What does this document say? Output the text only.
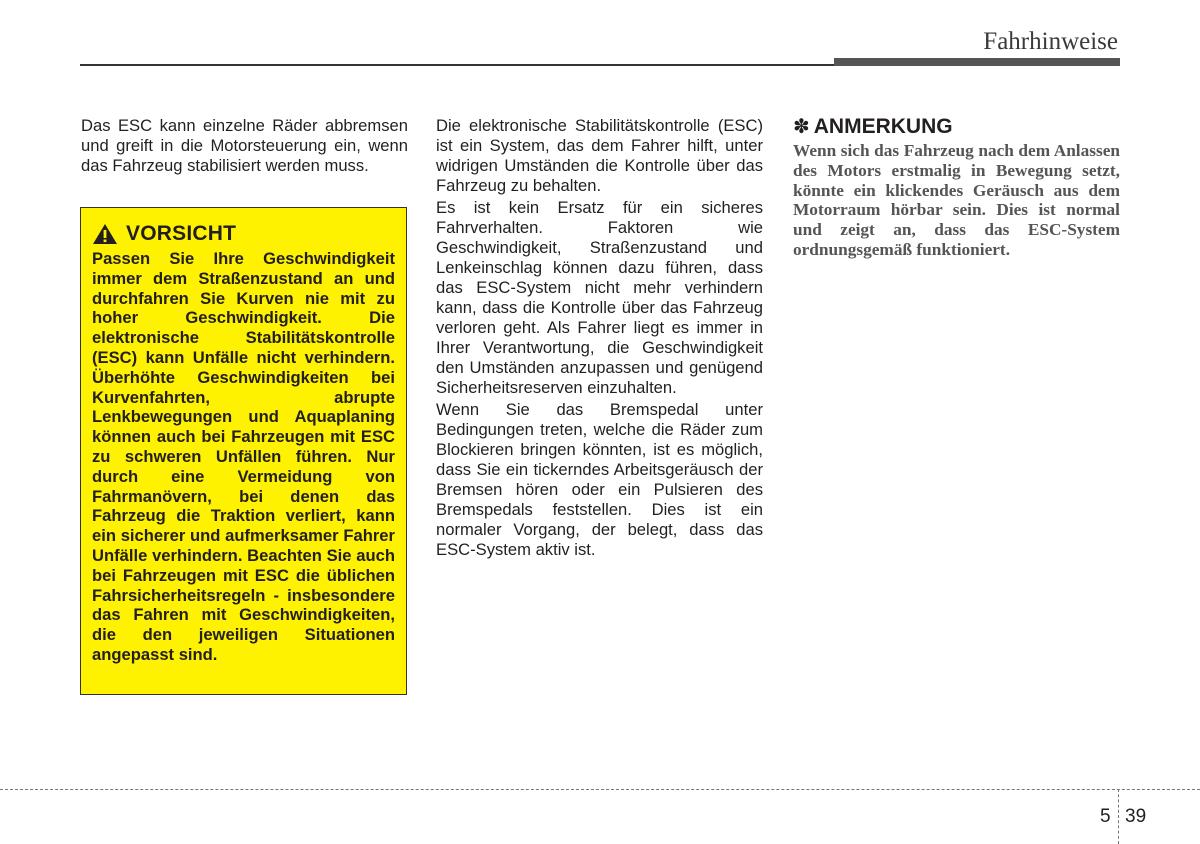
Fahrhinweise

Das ESC kann einzelne Räder abbremsen und greift in die Motorsteuerung ein, wenn das Fahrzeug stabilisiert werden muss.

VORSICHT

Passen Sie Ihre Geschwindigkeit immer dem Straßenzustand an und durchfahren Sie Kurven nie mit zu hoher Geschwindigkeit. Die elektronische Stabilitätskontrolle (ESC) kann Unfälle nicht verhindern. Überhöhte Geschwindigkeiten bei Kurvenfahrten, abrupte Lenkbewegungen und Aquaplaning können auch bei Fahrzeugen mit ESC zu schweren Unfällen führen. Nur durch eine Vermeidung von Fahrmanövern, bei denen das Fahrzeug die Traktion verliert, kann ein sicherer und aufmerksamer Fahrer Unfälle verhindern. Beachten Sie auch bei Fahrzeugen mit ESC die üblichen Fahrsicherheitsregeln - insbesondere das Fahren mit Geschwindigkeiten, die den jeweiligen Situationen angepasst sind.

Die elektronische Stabilitätskontrolle (ESC) ist ein System, das dem Fahrer hilft, unter widrigen Umständen die Kontrolle über das Fahrzeug zu behalten.

Es ist kein Ersatz für ein sicheres Fahrverhalten. Faktoren wie Geschwindigkeit, Straßenzustand und Lenkeinschlag können dazu führen, dass das ESC-System nicht mehr verhindern kann, dass die Kontrolle über das Fahrzeug verloren geht. Als Fahrer liegt es immer in Ihrer Verantwortung, die Geschwindigkeit den Umständen anzupassen und genügend Sicherheitsreserven einzuhalten.

Wenn Sie das Bremspedal unter Bedingungen treten, welche die Räder zum Blockieren bringen könnten, ist es möglich, dass Sie ein tickerndes Arbeitsgeräusch der Bremsen hören oder ein Pulsieren des Bremspedals feststellen. Dies ist ein normaler Vorgang, der belegt, dass das ESC-System aktiv ist.

✽ ANMERKUNG

Wenn sich das Fahrzeug nach dem Anlassen des Motors erstmalig in Bewegung setzt, könnte ein klickendes Geräusch aus dem Motorraum hörbar sein. Dies ist normal und zeigt an, dass das ESC-System ordnungsgemäß funktioniert.

5 39
